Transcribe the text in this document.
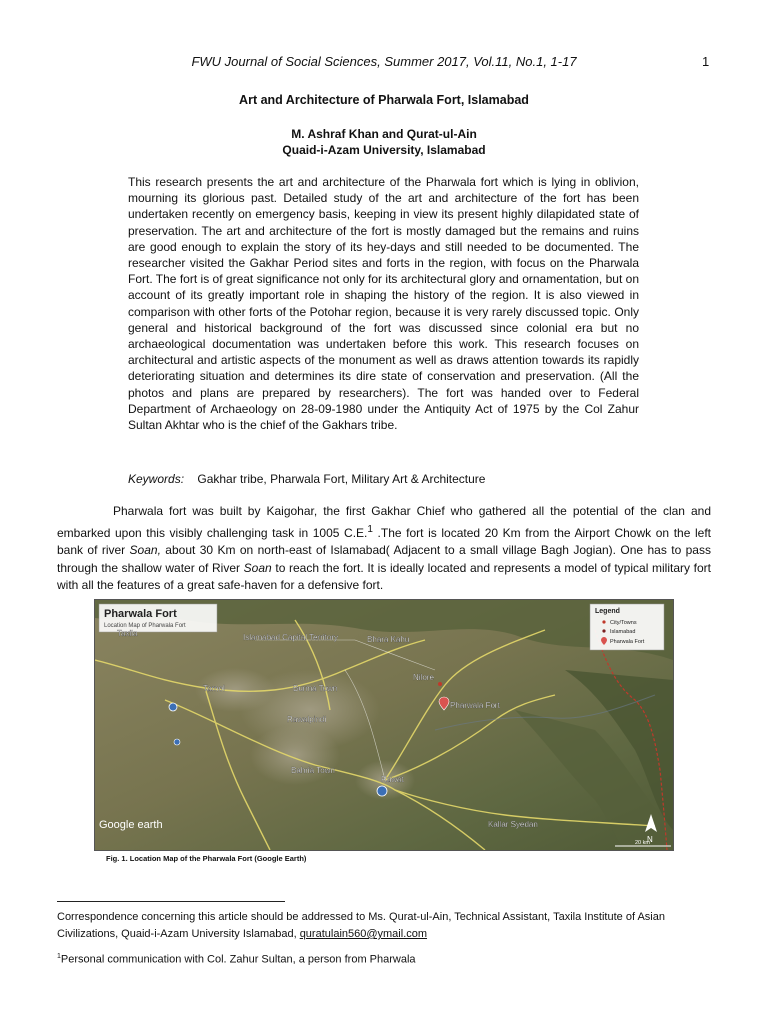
FWU Journal of Social Sciences, Summer 2017, Vol.11, No.1, 1-17	1
Art and Architecture of Pharwala Fort, Islamabad
M. Ashraf Khan and Qurat-ul-Ain
Quaid-i-Azam University, Islamabad
This research presents the art and architecture of the Pharwala fort which is lying in oblivion, mourning its glorious past. Detailed study of the art and architecture of the fort has been undertaken recently on emergency basis, keeping in view its present highly dilapidated state of preservation. The art and architecture of the fort is mostly damaged but the remains and ruins are good enough to explain the story of its hey-days and still needed to be documented. The researcher visited the Gakhar Period sites and forts in the region, with focus on the Pharwala Fort. The fort is of great significance not only for its architectural glory and ornamentation, but on account of its greatly important role in shaping the history of the region. It is also viewed in comparison with other forts of the Potohar region, because it is very rarely discussed topic. Only general and historical background of the fort was discussed since colonial era but no archaeological documentation was undertaken before this work. This research focuses on architectural and artistic aspects of the monument as well as draws attention towards its rapidly deteriorating situation and determines its dire state of conservation and preservation. (All the photos and plans are prepared by researchers). The fort was handed over to Federal Department of Archaeology on 28-09-1980 under the Antiquity Act of 1975 by the Col Zahur Sultan Akhtar who is the chief of the Gakhars tribe.
Keywords: Gakhar tribe, Pharwala Fort, Military Art & Architecture
Pharwala fort was built by Kaigohar, the first Gakhar Chief who gathered all the potential of the clan and embarked upon this visibly challenging task in 1005 C.E.$^1$ .The fort is located 20 Km from the Airport Chowk on the left bank of river Soan, about 30 Km on north-east of Islamabad( Adjacent to a small village Bagh Jogian). One has to pass through the shallow water of River Soan to reach the fort. It is ideally located and represents a model of typical military fort with all the features of a great safe-haven for a defensive fort.
Pharwala Fort
Location Map of Pharwala Fort
Legend
City/Towns
Islamabad
Pharwala Fort
Taxila	Islamabad Capital Territory	Bhara Kahu
Tarnol	Burma Town
Nilore
Pharwala Fort
Rawalpindi
Bahria Town
Rawat
Kallar Syedan
Google earth
N
20 km
Fig. 1. Location Map of the Pharwala Fort (Google Earth)
Correspondence concerning this article should be addressed to Ms. Qurat-ul-Ain, Technical Assistant, Taxila Institute of Asian Civilizations, Quaid-i-Azam University Islamabad, quratulain560@ymail.com
$^1$Personal communication with Col. Zahur Sultan, a person from Pharwala
